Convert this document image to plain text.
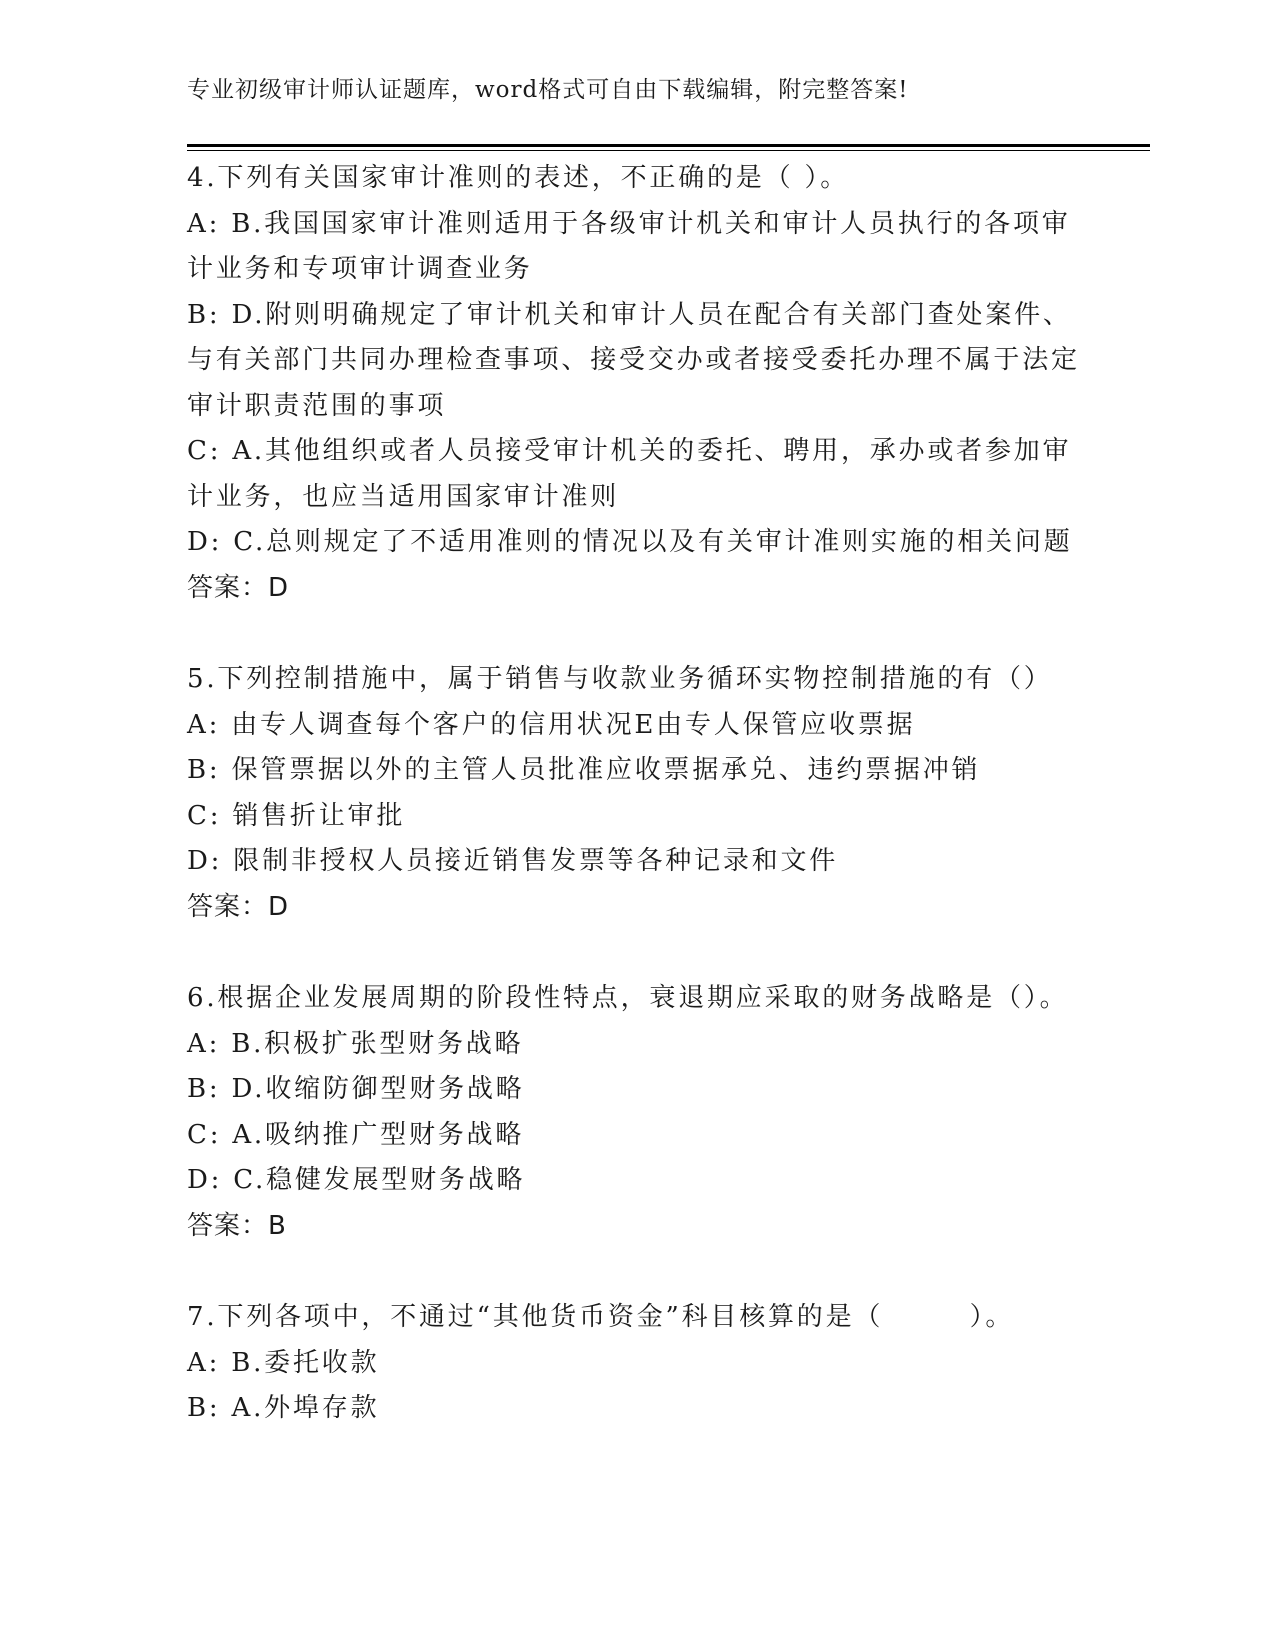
专业初级审计师认证题库，word格式可自由下载编辑，附完整答案!
4.下列有关国家审计准则的表述，不正确的是（ ）。
A: B.我国国家审计准则适用于各级审计机关和审计人员执行的各项审计业务和专项审计调查业务
B: D.附则明确规定了审计机关和审计人员在配合有关部门查处案件、与有关部门共同办理检查事项、接受交办或者接受委托办理不属于法定审计职责范围的事项
C: A.其他组织或者人员接受审计机关的委托、聘用，承办或者参加审计业务，也应当适用国家审计准则
D: C.总则规定了不适用准则的情况以及有关审计准则实施的相关问题
答案：D
5.下列控制措施中，属于销售与收款业务循环实物控制措施的有（）
A: 由专人调查每个客户的信用状况E由专人保管应收票据
B: 保管票据以外的主管人员批准应收票据承兑、违约票据冲销
C: 销售折让审批
D: 限制非授权人员接近销售发票等各种记录和文件
答案：D
6.根据企业发展周期的阶段性特点，衰退期应采取的财务战略是（）。
A: B.积极扩张型财务战略
B: D.收缩防御型财务战略
C: A.吸纳推广型财务战略
D: C.稳健发展型财务战略
答案：B
7.下列各项中，不通过“其他货币资金”科目核算的是（　　　）。
A: B.委托收款
B: A.外埠存款
